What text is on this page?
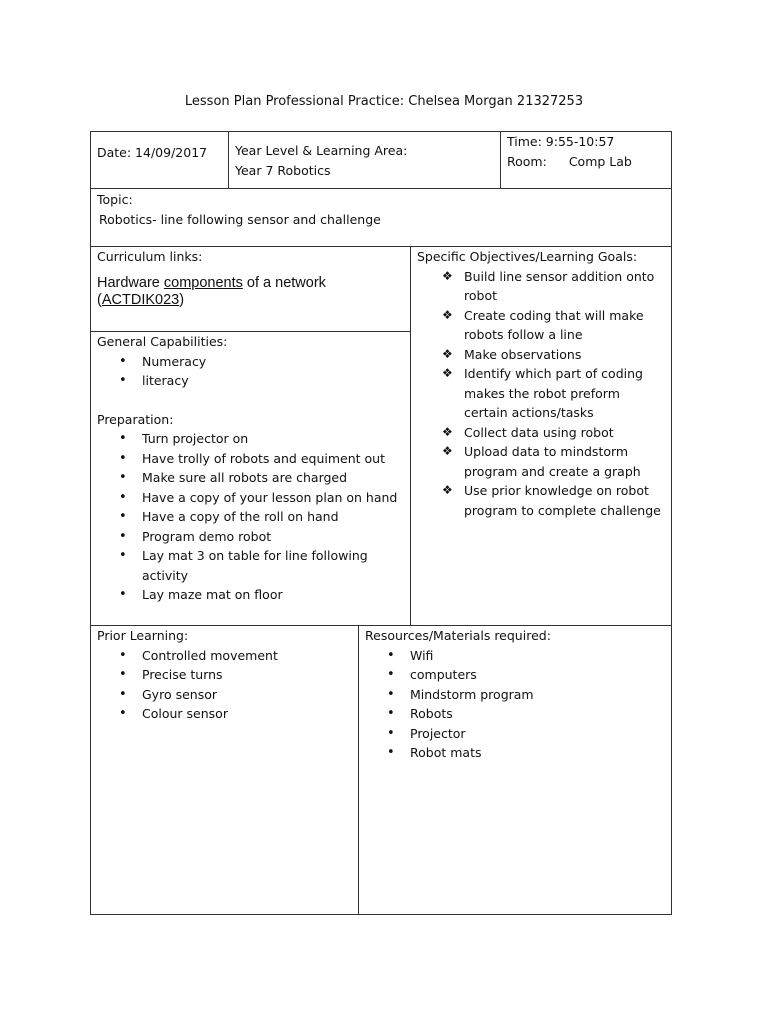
Lesson Plan Professional Practice: Chelsea Morgan 21327253

Date: 14/09/2017	Year Level & Learning Area:

Year 7 Robotics

Time: 9:55-10:57

Room: Comp Lab

Topic:

Robotics- line following sensor and challenge

Curriculum links:

Hardware components of a network
(ACTDIK023)

Specific Objectives/Learning Goals:

❖ Build line sensor addition onto robot
❖ Create coding that will make robots follow a line
❖ Make observations
❖ Identify which part of coding makes the robot preform certain actions/tasks
❖ Collect data using robot
❖ Upload data to mindstorm program and create a graph
❖ Use prior knowledge on robot program to complete challenge

General Capabilities:

• Numeracy
• literacy

Preparation:

• Turn projector on
• Have trolly of robots and equiment out
• Make sure all robots are charged
• Have a copy of your lesson plan on hand
• Have a copy of the roll on hand
• Program demo robot
• Lay mat 3 on table for line following activity
• Lay maze mat on floor

Prior Learning:

• Controlled movement
• Precise turns
• Gyro sensor
• Colour sensor

Resources/Materials required:

• Wifi
• computers
• Mindstorm program
• Robots
• Projector
• Robot mats
